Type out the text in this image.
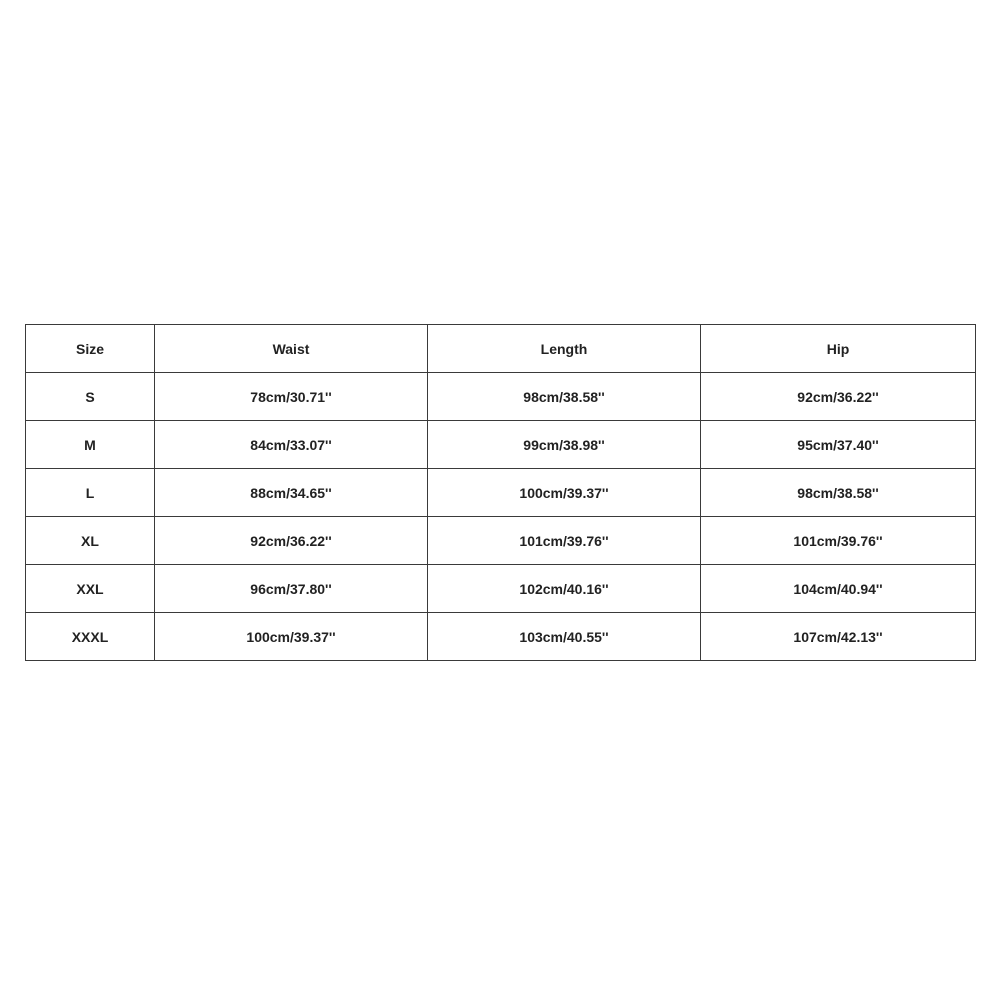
Size	Waist	Length	Hip
S	78cm/30.71''	98cm/38.58''	92cm/36.22''
M	84cm/33.07''	99cm/38.98''	95cm/37.40''
L	88cm/34.65''	100cm/39.37''	98cm/38.58''
XL	92cm/36.22''	101cm/39.76''	101cm/39.76''
XXL	96cm/37.80''	102cm/40.16''	104cm/40.94''
XXXL	100cm/39.37''	103cm/40.55''	107cm/42.13''
